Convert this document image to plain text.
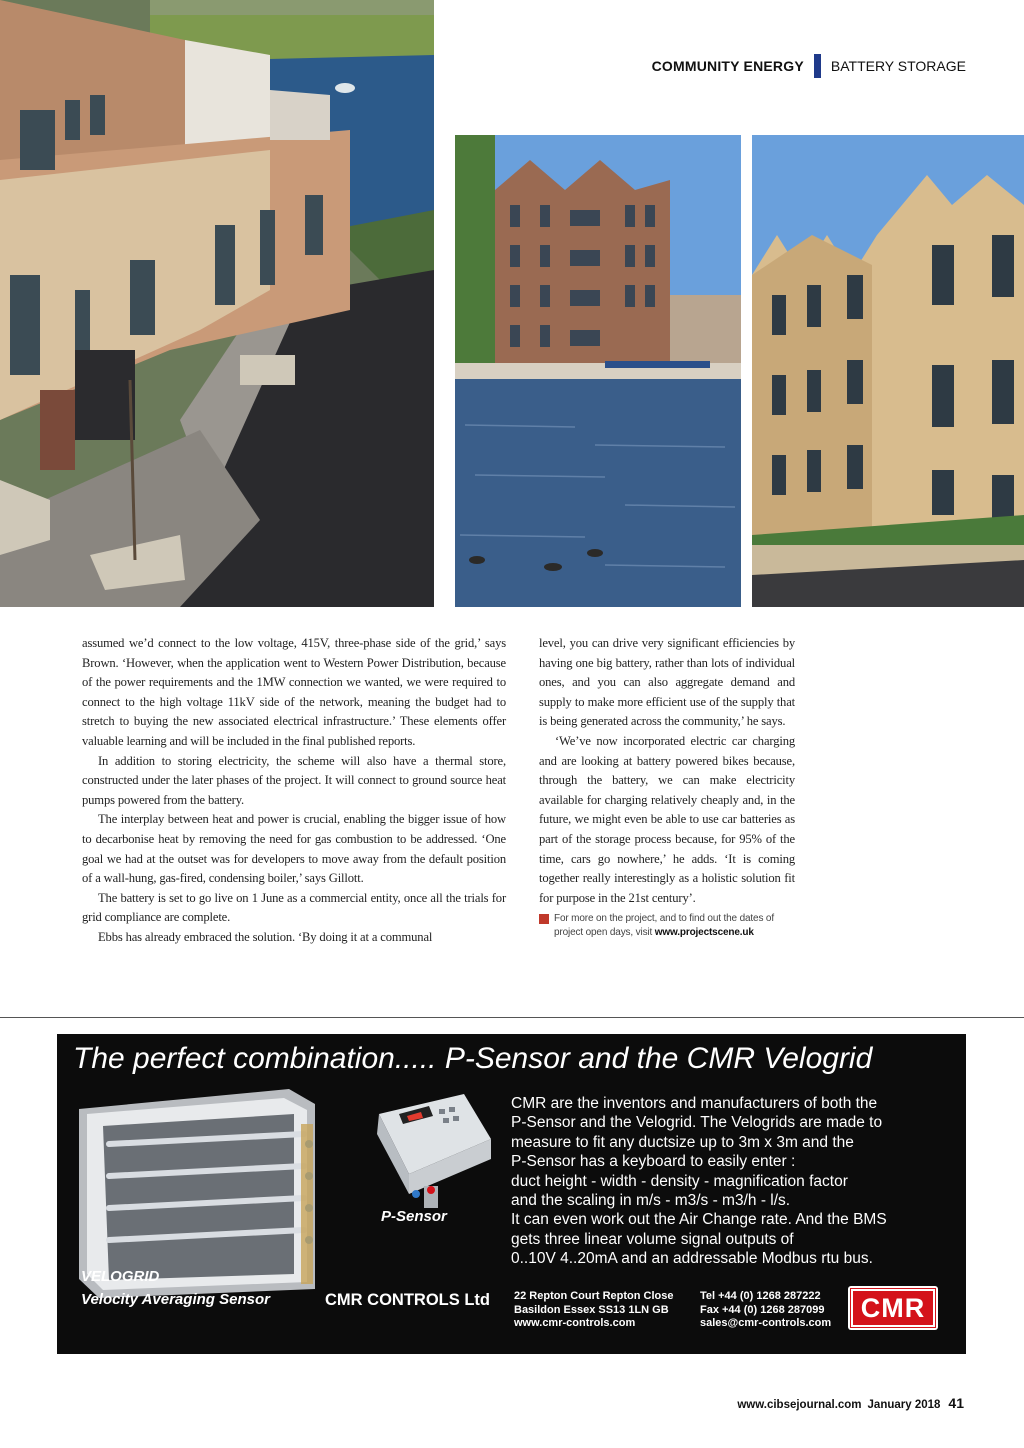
COMMUNITY ENERGY BATTERY STORAGE

assumed we’d connect to the low voltage, 415V, three-phase side of the grid,’ says Brown. ‘However, when the application went to Western Power Distribution, because of the power requirements and the 1MW connection we wanted, we were required to connect to the high voltage 11kV side of the network, meaning the budget had to stretch to buying the new associated electrical infrastructure.’ These elements offer valuable learning and will be included in the final published reports.

In addition to storing electricity, the scheme will also have a thermal store, constructed under the later phases of the project. It will connect to ground source heat pumps powered from the battery.

The interplay between heat and power is crucial, enabling the bigger issue of how to decarbonise heat by removing the need for gas combustion to be addressed. ‘One goal we had at the outset was for developers to move away from the default position of a wall-hung, gas-fired, condensing boiler,’ says Gillott.

The battery is set to go live on 1 June as a commercial entity, once all the trials for grid compliance are complete.

Ebbs has already embraced the solution. ‘By doing it at a communal

level, you can drive very significant efficiencies by having one big battery, rather than lots of individual ones, and you can also aggregate demand and supply to make more efficient use of the supply that is being generated across the community,’ he says.

‘We’ve now incorporated electric car charging and are looking at battery powered bikes because, through the battery, we can make electricity available for charging relatively cheaply and, in the future, we might even be able to use car batteries as part of the storage process because, for 95% of the time, cars go nowhere,’ he adds. ‘It is coming together really interestingly as a holistic solution fit for purpose in the 21st century’.

For more on the project, and to find out the dates of project open days, visit www.projectscene.uk
The perfect combination..... P-Sensor and the CMR Velogrid
P-Sensor
CMR are the inventors and manufacturers of both the
P-Sensor and the Velogrid. The Velogrids are made to
measure to fit any ductsize up to 3m x 3m and the
P-Sensor has a keyboard to easily enter :
duct height - width - density - magnification factor
and the scaling in m/s - m3/s - m3/h - l/s.
It can even work out the Air Change rate. And the BMS
gets three linear volume signal outputs of
0..10V 4..20mA and an addressable Modbus rtu bus.
VELOGRID
Velocity Averaging Sensor	CMR CONTROLS Ltd 22 Repton Court Repton Close
Basildon Essex SS13 1LN GB
www.cmr-controls.com
Tel +44 (0) 1268 287222
Fax +44 (0) 1268 287099
sales@cmr-controls.com
CMR
www.cibsejournal.com January 2018 41
